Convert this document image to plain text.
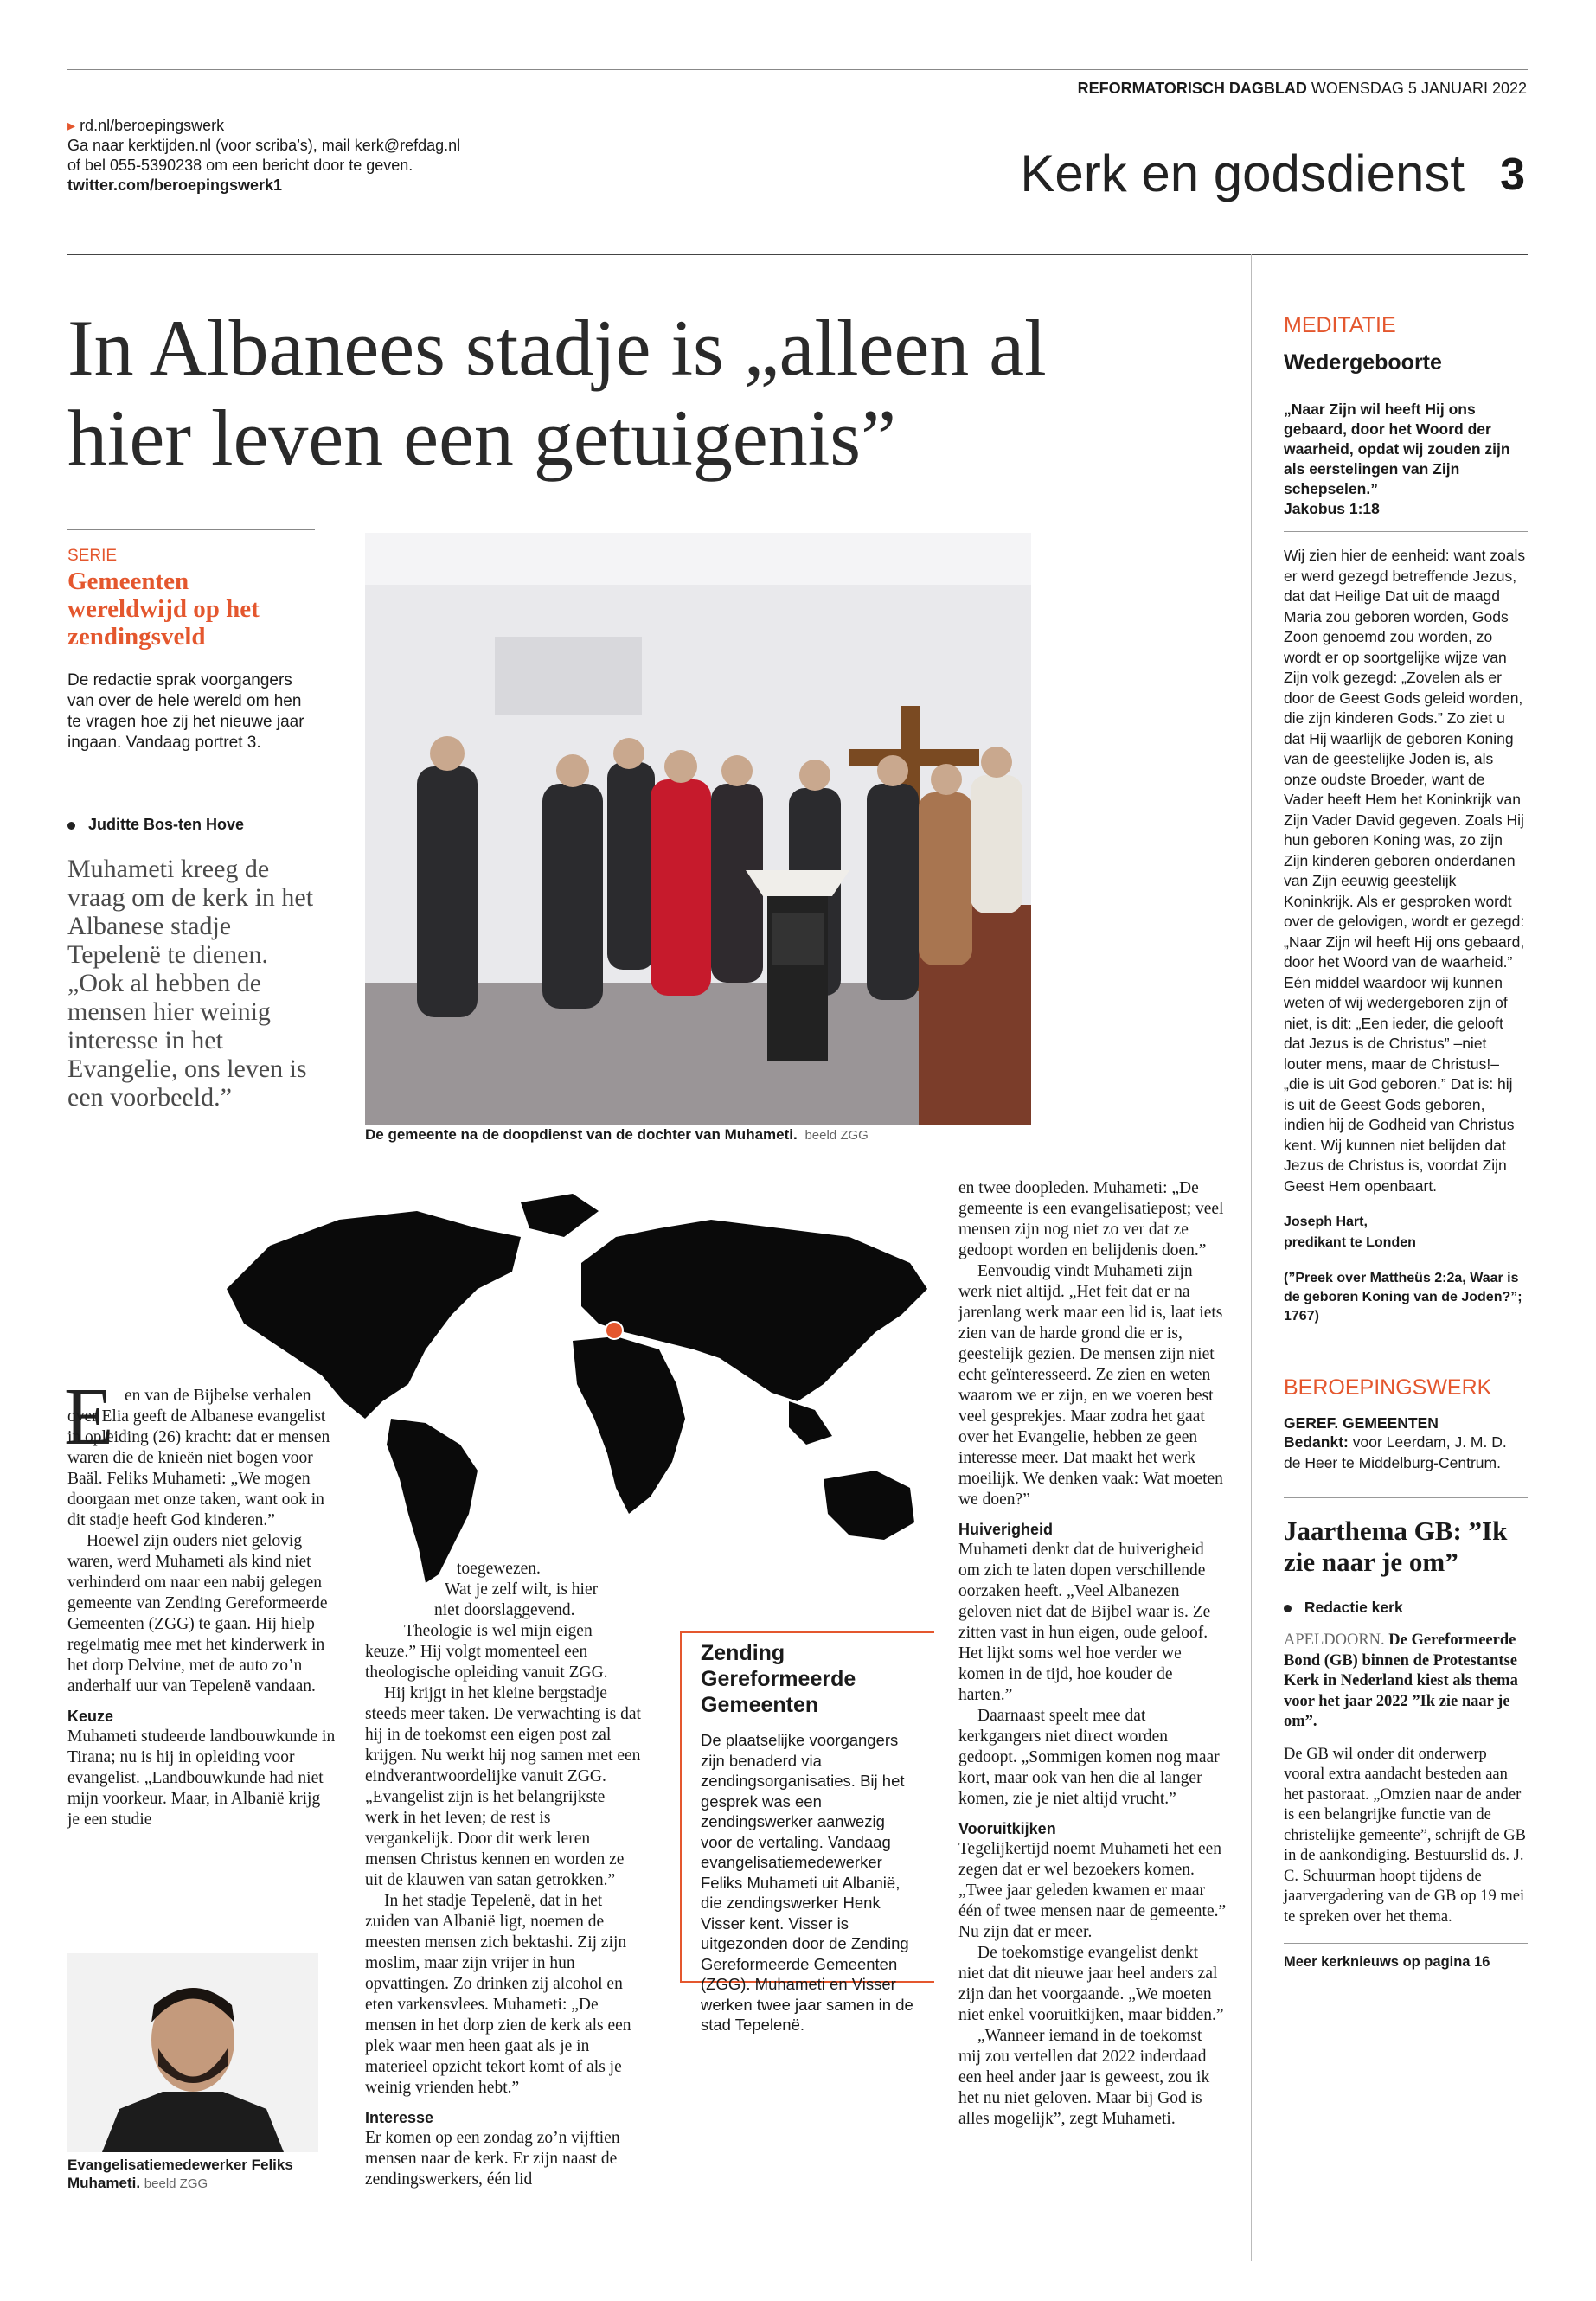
REFORMATORISCH DAGBLAD WOENSDAG 5 JANUARI 2022
▸ rd.nl/beroepingswerk
Ga naar kerktijden.nl (voor scriba’s), mail kerk@refdag.nl
of bel 055-5390238 om een bericht door te geven.
twitter.com/beroepingswerk1	Kerk en godsdienst 3
In Albanees stadje is „alleen al
hier leven een getuigenis”
SERIE
Gemeenten wereldwijd op het zendingsveld
De redactie sprak voorgangers van over de hele wereld om hen te vragen hoe zij het nieuwe jaar ingaan. Vandaag portret 3.
Juditte Bos-ten Hove
Muhameti kreeg de vraag om de kerk in het Albanese stadje Tepelenë te dienen. „Ook al hebben de mensen hier weinig interesse in het Evangelie, ons leven is een voorbeeld.”
De gemeente na de doopdienst van de dochter van Muhameti. beeld ZGG
E en van de Bijbelse verhalen over Elia geeft de Albanese evangelist in opleiding (26) kracht: dat er mensen waren die de knieën niet bogen voor Baäl. Feliks Muhameti: „We mogen doorgaan met onze taken, want ook in dit stadje heeft God kinderen.”

Hoewel zijn ouders niet gelovig waren, werd Muhameti als kind niet verhinderd om naar een nabij gelegen gemeente van Zending Gereformeerde Gemeenten (ZGG) te gaan. Hij hielp regelmatig mee met het kinderwerk in het dorp Delvine, met de auto zo’n anderhalf uur van Tepelenë vandaan.

Keuze

Muhameti studeerde landbouwkunde in Tirana; nu is hij in opleiding voor evangelist. „Landbouwkunde had niet mijn voorkeur. Maar, in Albanië krijg je een studie

Evangelisatiemedewerker Feliks Muhameti. beeld ZGG
toegewezen.
Wat je zelf wilt, is hier
niet doorslaggevend.
Theologie is wel mijn eigen

keuze.” Hij volgt momenteel een theologische opleiding vanuit ZGG.

Hij krijgt in het kleine bergstadje steeds meer taken. De verwachting is dat hij in de toekomst een eigen post zal krijgen. Nu werkt hij nog samen met een eindverantwoordelijke vanuit ZGG. „Evangelist zijn is het belangrijkste werk in het leven; de rest is vergankelijk. Door dit werk leren mensen Christus kennen en worden ze uit de klauwen van satan getrokken.”

In het stadje Tepelenë, dat in het zuiden van Albanië ligt, noemen de meesten mensen zich bektashi. Zij zijn moslim, maar zijn vrijer in hun opvattingen. Zo drinken zij alcohol en eten varkensvlees. Muhameti: „De mensen in het dorp zien de kerk als een plek waar men heen gaat als je in materieel opzicht tekort komt of als je weinig vrienden hebt.”

Interesse

Er komen op een zondag zo’n vijftien mensen naar de kerk. Er zijn naast de zendingswerkers, één lid

Zending Gereformeerde Gemeenten
De plaatselijke voorgangers zijn benaderd via zendingsorganisaties. Bij het gesprek was een zendingswerker aanwezig voor de vertaling. Vandaag evangelisatiemedewerker Feliks Muhameti uit Albanië, die zendingswerker Henk Visser kent. Visser is uitgezonden door de Zending Gereformeerde Gemeenten (ZGG). Muhameti en Visser werken twee jaar samen in de stad Tepelenë.

en twee doopleden. Muhameti: „De gemeente is een evangelisatiepost; veel mensen zijn nog niet zo ver dat ze gedoopt worden en belijdenis doen.”

Eenvoudig vindt Muhameti zijn werk niet altijd. „Het feit dat er na jarenlang werk maar een lid is, laat iets zien van de harde grond die er is, geestelijk gezien. De mensen zijn niet echt geïnteresseerd. Ze zien en weten waarom we er zijn, en we voeren best veel gesprekjes. Maar zodra het gaat over het Evangelie, hebben ze geen interesse meer. Dat maakt het werk moeilijk. We denken vaak: Wat moeten we doen?”

Huiverigheid

Muhameti denkt dat de huiverigheid om zich te laten dopen verschillende oorzaken heeft. „Veel Albanezen geloven niet dat de Bijbel waar is. Ze zitten vast in hun eigen, oude geloof. Het lijkt soms wel hoe verder we komen in de tijd, hoe kouder de harten.”

Daarnaast speelt mee dat kerkgangers niet direct worden gedoopt. „Sommigen komen nog maar kort, maar ook van hen die al langer komen, zie je niet altijd vrucht.”

Vooruitkijken

Tegelijkertijd noemt Muhameti het een zegen dat er wel bezoekers komen. „Twee jaar geleden kwamen er maar één of twee mensen naar de gemeente.” Nu zijn dat er meer.

De toekomstige evangelist denkt niet dat dit nieuwe jaar heel anders zal zijn dan het voorgaande. „We moeten niet enkel vooruitkijken, maar bidden.”

„Wanneer iemand in de toekomst mij zou vertellen dat 2022 inderdaad een heel ander jaar is geweest, zou ik het nu niet geloven. Maar bij God is alles mogelijk”, zegt Muhameti.

MEDITATIE
Wedergeboorte
„Naar Zijn wil heeft Hij ons gebaard, door het Woord der waarheid, opdat wij zouden zijn als eerstelingen van Zijn schepselen.”
Jakobus 1:18
Wij zien hier de eenheid: want zoals er werd gezegd betreffende Jezus, dat dat Heilige Dat uit de maagd Maria zou geboren worden, Gods Zoon genoemd zou worden, zo wordt er op soortgelijke wijze van Zijn volk gezegd: „Zovelen als er door de Geest Gods geleid worden, die zijn kinderen Gods.” Zo ziet u dat Hij waarlijk de geboren Koning van de geestelijke Joden is, als onze oudste Broeder, want de Vader heeft Hem het Koninkrijk van Zijn Vader David gegeven. Zoals Hij hun geboren Koning was, zo zijn Zijn kinderen geboren onderdanen van Zijn eeuwig geestelijk Koninkrijk. Als er gesproken wordt over de gelovigen, wordt er gezegd: „Naar Zijn wil heeft Hij ons gebaard, door het Woord van de waarheid.” Eén middel waardoor wij kunnen weten of wij wedergeboren zijn of niet, is dit: „Een ieder, die gelooft dat Jezus is de Christus” –niet louter mens, maar de Christus!– „die is uit God geboren.” Dat is: hij is uit de Geest Gods geboren, indien hij de Godheid van Christus kent. Wij kunnen niet belijden dat Jezus de Christus is, voordat Zijn Geest Hem openbaart.
Joseph Hart,
predikant te Londen
(”Preek over Mattheüs 2:2a, Waar is de geboren Koning van de Joden?”; 1767)
BEROEPINGSWERK
GEREF. GEMEENTEN
Bedankt: voor Leerdam, J. M. D. de Heer te Middelburg-Centrum.
Jaarthema GB: ”Ik zie naar je om”
Redactie kerk
APELDOORN. De Gereformeerde Bond (GB) binnen de Protestantse Kerk in Nederland kiest als thema voor het jaar 2022 ”Ik zie naar je om”.
De GB wil onder dit onderwerp vooral extra aandacht besteden aan het pastoraat. „Omzien naar de ander is een belangrijke functie van de christelijke gemeente”, schrijft de GB in de aankondiging. Bestuurslid ds. J. C. Schuurman hoopt tijdens de jaarvergadering van de GB op 19 mei te spreken over het thema.
Meer kerknieuws op pagina 16
